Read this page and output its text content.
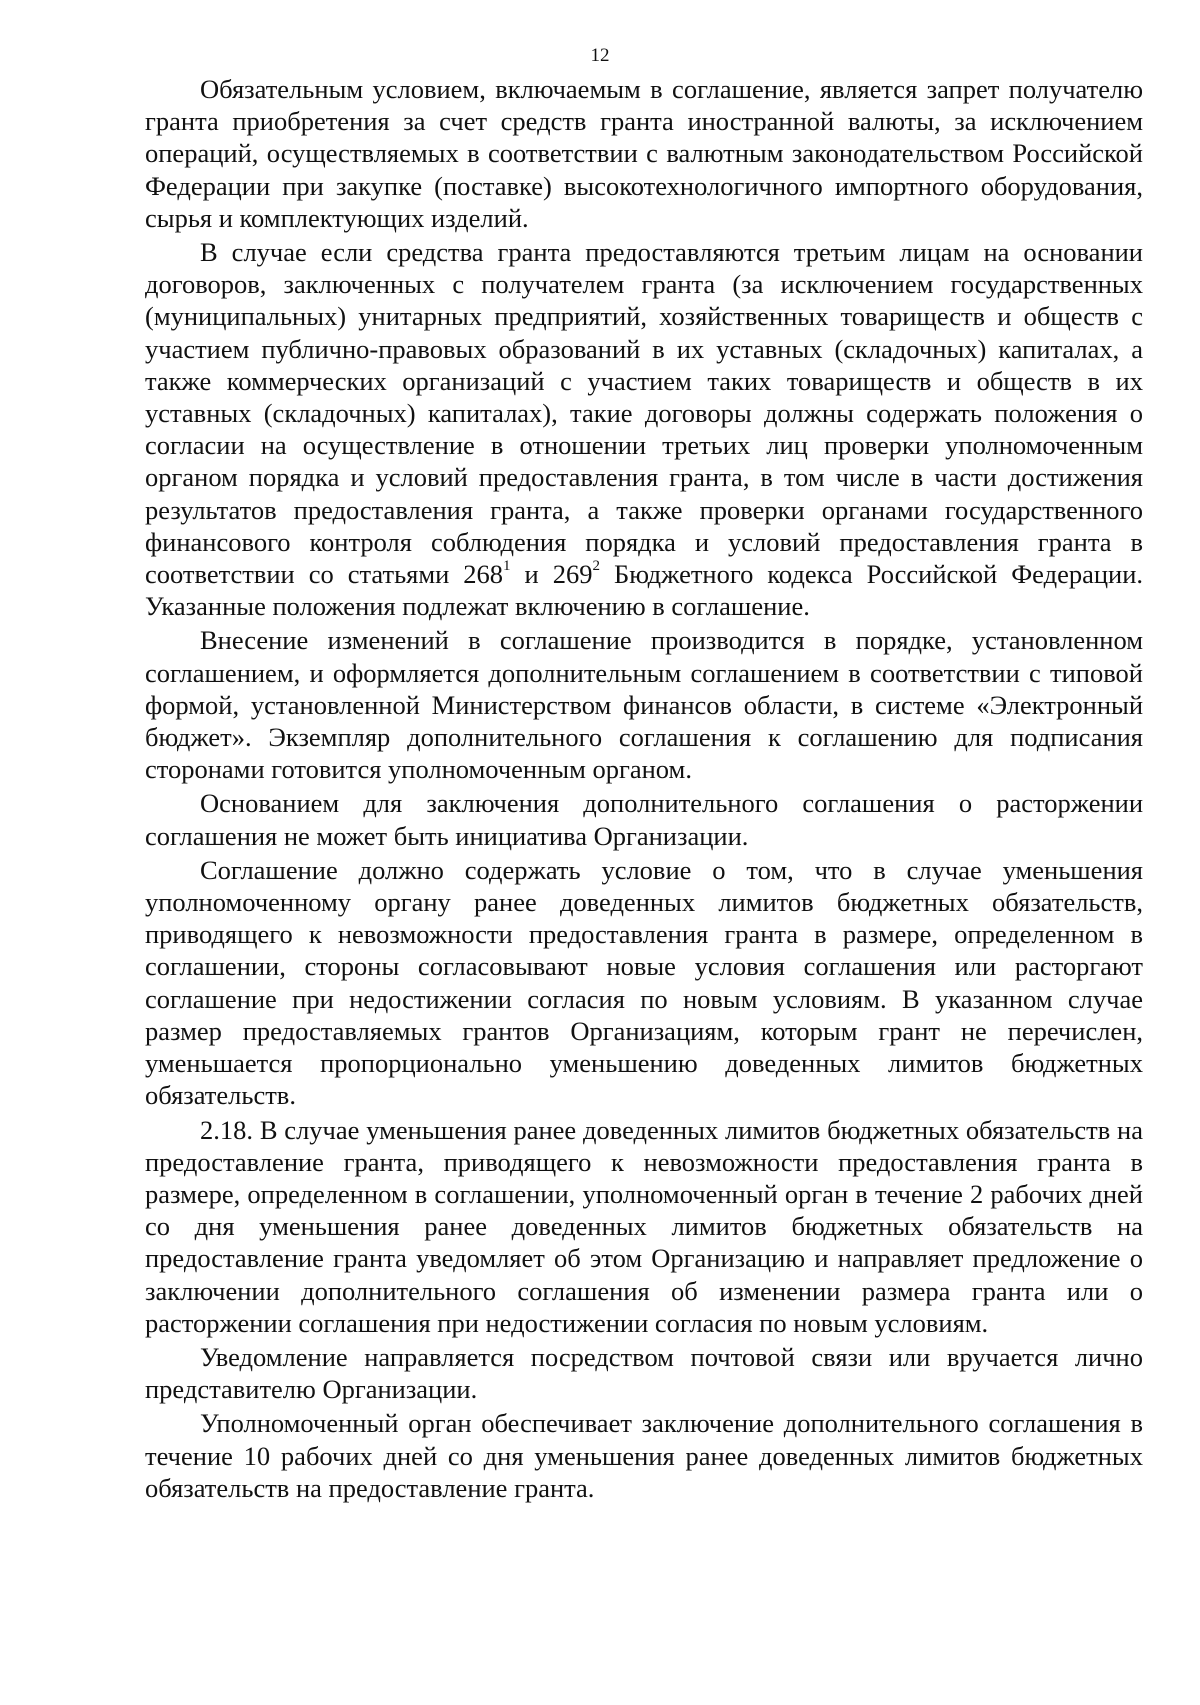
12

Обязательным условием, включаемым в соглашение, является запрет получателю гранта приобретения за счет средств гранта иностранной валюты, за исключением операций, осуществляемых в соответствии с валютным законодательством Российской Федерации при закупке (поставке) высокотехнологичного импортного оборудования, сырья и комплектующих изделий.

В случае если средства гранта предоставляются третьим лицам на основании договоров, заключенных с получателем гранта (за исключением государственных (муниципальных) унитарных предприятий, хозяйственных товариществ и обществ с участием публично-правовых образований в их уставных (складочных) капиталах, а также коммерческих организаций с участием таких товариществ и обществ в их уставных (складочных) капиталах), такие договоры должны содержать положения о согласии на осуществление в отношении третьих лиц проверки уполномоченным органом порядка и условий предоставления гранта, в том числе в части достижения результатов предоставления гранта, а также проверки органами государственного финансового контроля соблюдения порядка и условий предоставления гранта в соответствии со статьями $268^1$ и $269^2$ Бюджетного кодекса Российской Федерации. Указанные положения подлежат включению в соглашение.

Внесение изменений в соглашение производится в порядке, установленном соглашением, и оформляется дополнительным соглашением в соответствии с типовой формой, установленной Министерством финансов области, в системе «Электронный бюджет». Экземпляр дополнительного соглашения к соглашению для подписания сторонами готовится уполномоченным органом.

Основанием для заключения дополнительного соглашения о расторжении соглашения не может быть инициатива Организации.

Соглашение должно содержать условие о том, что в случае уменьшения уполномоченному органу ранее доведенных лимитов бюджетных обязательств, приводящего к невозможности предоставления гранта в размере, определенном в соглашении, стороны согласовывают новые условия соглашения или расторгают соглашение при недостижении согласия по новым условиям. В указанном случае размер предоставляемых грантов Организациям, которым грант не перечислен, уменьшается пропорционально уменьшению доведенных лимитов бюджетных обязательств.

2.18. В случае уменьшения ранее доведенных лимитов бюджетных обязательств на предоставление гранта, приводящего к невозможности предоставления гранта в размере, определенном в соглашении, уполномоченный орган в течение 2 рабочих дней со дня уменьшения ранее доведенных лимитов бюджетных обязательств на предоставление гранта уведомляет об этом Организацию и направляет предложение о заключении дополнительного соглашения об изменении размера гранта или о расторжении соглашения при недостижении согласия по новым условиям.

Уведомление направляется посредством почтовой связи или вручается лично представителю Организации.

Уполномоченный орган обеспечивает заключение дополнительного соглашения в течение 10 рабочих дней со дня уменьшения ранее доведенных лимитов бюджетных обязательств на предоставление гранта.
